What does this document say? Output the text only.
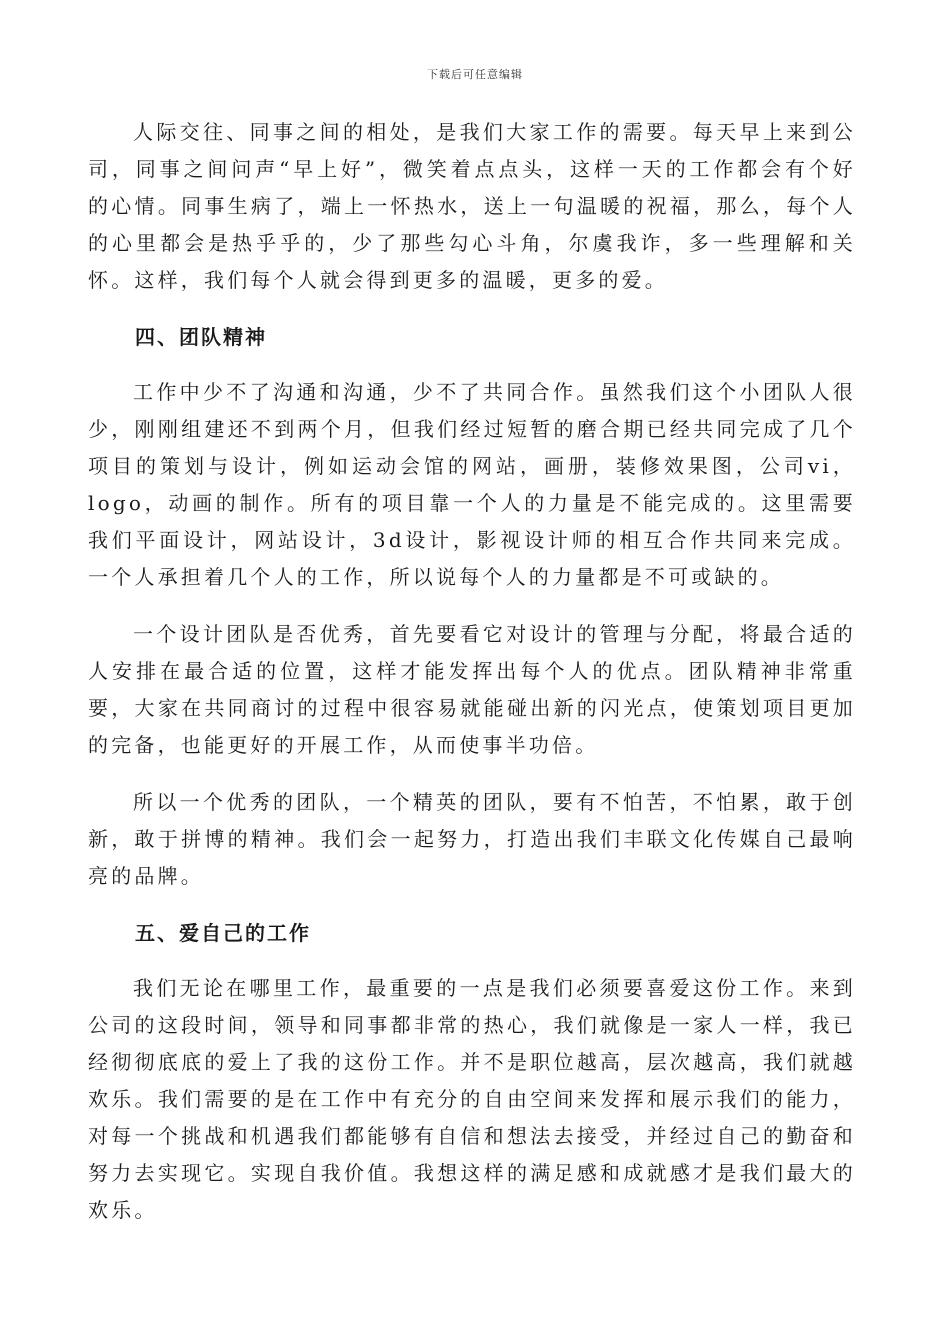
下载后可任意编辑

人际交往、同事之间的相处，是我们大家工作的需要。每天早上来到公司，同事之间问声“早上好”，微笑着点点头，这样一天的工作都会有个好的心情。同事生病了，端上一怀热水，送上一句温暖的祝福，那么，每个人的心里都会是热乎乎的，少了那些勾心斗角，尔虞我诈，多一些理解和关怀。这样，我们每个人就会得到更多的温暖，更多的爱。

四、团队精神

工作中少不了沟通和沟通，少不了共同合作。虽然我们这个小团队人很少，刚刚组建还不到两个月，但我们经过短暂的磨合期已经共同完成了几个项目的策划与设计，例如运动会馆的网站，画册，装修效果图，公司vi，logo，动画的制作。所有的项目靠一个人的力量是不能完成的。这里需要我们平面设计，网站设计，3d设计，影视设计师的相互合作共同来完成。一个人承担着几个人的工作，所以说每个人的力量都是不可或缺的。

一个设计团队是否优秀，首先要看它对设计的管理与分配，将最合适的人安排在最合适的位置，这样才能发挥出每个人的优点。团队精神非常重要，大家在共同商讨的过程中很容易就能碰出新的闪光点，使策划项目更加的完备，也能更好的开展工作，从而使事半功倍。

所以一个优秀的团队，一个精英的团队，要有不怕苦，不怕累，敢于创新，敢于拼博的精神。我们会一起努力，打造出我们丰联文化传媒自己最响亮的品牌。

五、爱自己的工作

我们无论在哪里工作，最重要的一点是我们必须要喜爱这份工作。来到公司的这段时间，领导和同事都非常的热心，我们就像是一家人一样，我已经彻彻底底的爱上了我的这份工作。并不是职位越高，层次越高，我们就越欢乐。我们需要的是在工作中有充分的自由空间来发挥和展示我们的能力，对每一个挑战和机遇我们都能够有自信和想法去接受，并经过自己的勤奋和努力去实现它。实现自我价值。我想这样的满足感和成就感才是我们最大的欢乐。
